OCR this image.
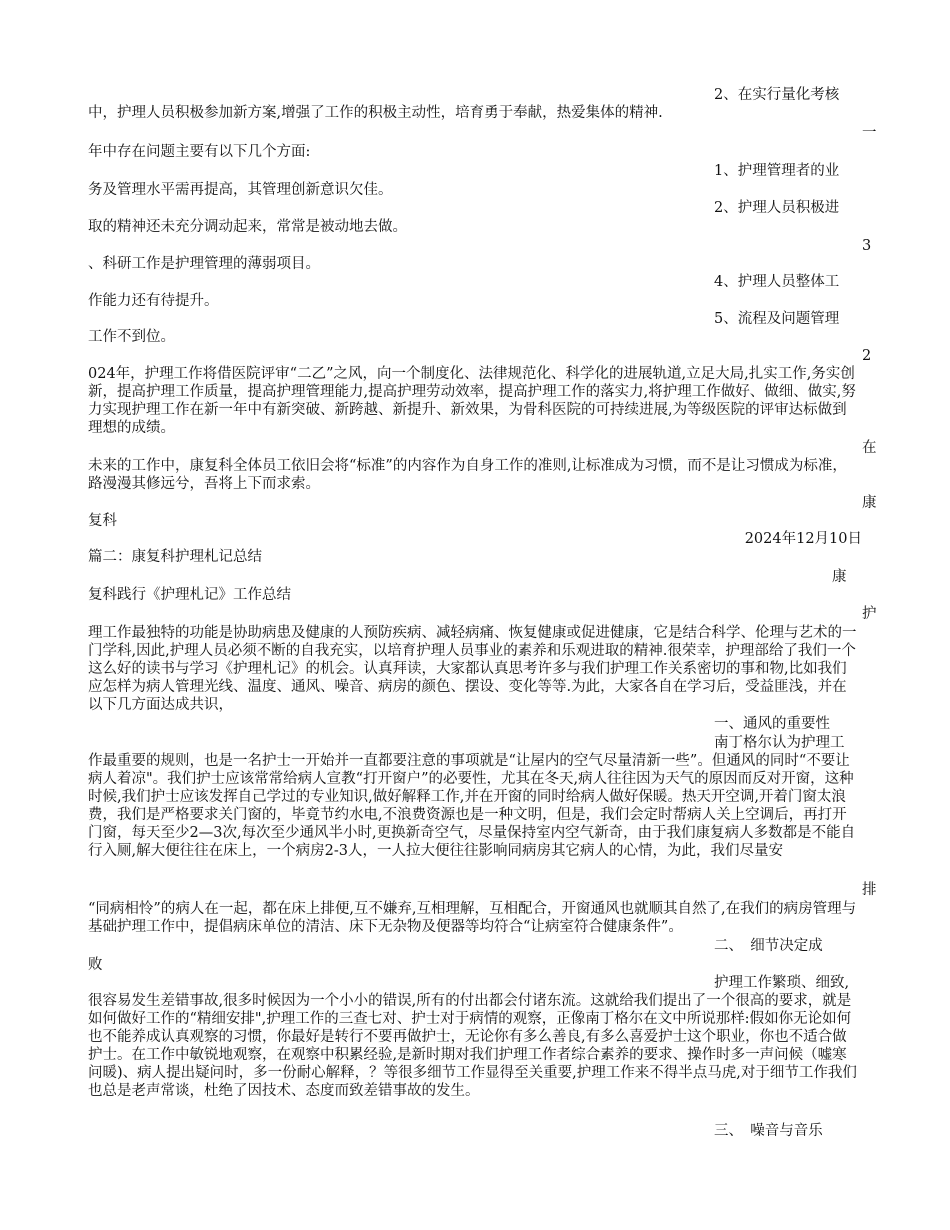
2、在实行量化考核
中，护理人员积极参加新方案,增强了工作的积极主动性，培育勇于奉献，热爱集体的精神.
一
年中存在问题主要有以下几个方面:
1、护理管理者的业
务及管理水平需再提高，其管理创新意识欠佳。
2、护理人员积极进
取的精神还未充分调动起来，常常是被动地去做。
3
、科研工作是护理管理的薄弱项目。
4、护理人员整体工
作能力还有待提升。
5、流程及问题管理
工作不到位。
2
024年，护理工作将借医院评审“二乙”之风，向一个制度化、法律规范化、科学化的进展轨道,立足大局,扎实工作,务实创新，提高护理工作质量，提高护理管理能力,提高护理劳动效率，提高护理工作的落实力,将护理工作做好、做细、做实,努力实现护理工作在新一年中有新突破、新跨越、新提升、新效果，为骨科医院的可持续进展,为等级医院的评审达标做到理想的成绩。
在
未来的工作中，康复科全体员工依旧会将“标准”的内容作为自身工作的准则,让标准成为习惯，而不是让习惯成为标准，路漫漫其修远兮，吾将上下而求索。
康
复科
2024年12月10日
篇二：康复科护理札记总结
康
复科践行《护理札记》工作总结
护
理工作最独特的功能是协助病患及健康的人预防疾病、减轻病痛、恢复健康或促进健康，它是结合科学、伦理与艺术的一门学科,因此,护理人员必须不断的自我充实，以培育护理人员事业的素养和乐观进取的精神.很荣幸，护理部给了我们一个这么好的读书与学习《护理札记》的机会。认真拜读，大家都认真思考许多与我们护理工作关系密切的事和物,比如我们应怎样为病人管理光线、温度、通风、噪音、病房的颜色、摆设、变化等等.为此，大家各自在学习后，受益匪浅，并在以下几方面达成共识，
一、通风的重要性
南丁格尔认为护理工
作最重要的规则，也是一名护士一开始并一直都要注意的事项就是“让屋内的空气尽量清新一些”。但通风的同时“不要让病人着凉"。我们护士应该常常给病人宣教“打开窗户”的必要性，尤其在冬天,病人往往因为天气的原因而反对开窗，这种时候,我们护士应该发挥自己学过的专业知识,做好解释工作,并在开窗的同时给病人做好保暖。热天开空调,开着门窗太浪费，我们是严格要求关门窗的，毕竟节约水电,不浪费资源也是一种文明，但是，我们会定时帮病人关上空调后，再打开门窗，每天至少2—3次,每次至少通风半小时,更换新奇空气，尽量保持室内空气新奇，由于我们康复病人多数都是不能自行入厕,解大便往往在床上，一个病房2-3人，一人拉大便往往影响同病房其它病人的心情，为此，我们尽量安
排
“同病相怜”的病人在一起，都在床上排便,互不嫌弃,互相理解，互相配合，开窗通风也就顺其自然了,在我们的病房管理与基础护理工作中，提倡病床单位的清洁、床下无杂物及便器等均符合“让病室符合健康条件”。
二、　细节决定成
败
护理工作繁琐、细致,
很容易发生差错事故,很多时候因为一个小小的错误,所有的付出都会付诸东流。这就给我们提出了一个很高的要求，就是如何做好工作的“精细安排",护理工作的三查七对、护士对于病情的观察，正像南丁格尔在文中所说那样:假如你无论如何也不能养成认真观察的习惯，你最好是转行不要再做护士，无论你有多么善良,有多么喜爱护士这个职业，你也不适合做护士。在工作中敏锐地观察，在观察中积累经验,是新时期对我们护理工作者综合素养的要求、操作时多一声问候（嘘寒问暖)、病人提出疑问时，多一份耐心解释，？等很多细节工作显得至关重要,护理工作来不得半点马虎,对于细节工作我们也总是老声常谈，杜绝了因技术、态度而致差错事故的发生。
三、　噪音与音乐
